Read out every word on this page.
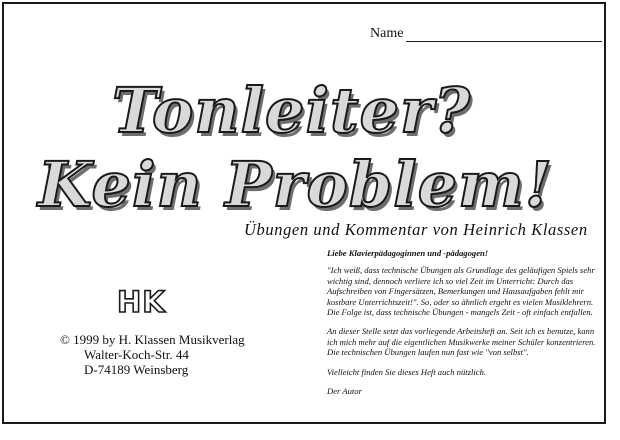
Name
Tonleiter?
Kein Problem!
Übungen und Kommentar von Heinrich Klassen
HK
© 1999 by H. Klassen Musikverlag
Walter-Koch-Str. 44
D-74189 Weinsberg
Liebe Klavierpädagoginnen und -pädagogen!

"Ich weiß, dass technische Übungen als Grundlage des geläufigen Spiels sehr wichtig sind, dennoch verliere ich so viel Zeit im Unterricht: Durch das Aufschreiben von Fingersätzen, Bemerkungen und Hausaufgaben fehlt mir kostbare Unterrichtszeit!". So, oder so ähnlich ergeht es vielen Musiklehrern. Die Folge ist, dass technische Übungen - mangels Zeit - oft einfach entfallen.

An dieser Stelle setzt das vorliegende Arbeitsheft an. Seit ich es benutze, kann ich mich mehr auf die eigentlichen Musikwerke meiner Schüler konzentrieren. Die technischen Übungen laufen nun fast wie "von selbst".

Vielleicht finden Sie dieses Heft auch nützlich.

Der Autor
